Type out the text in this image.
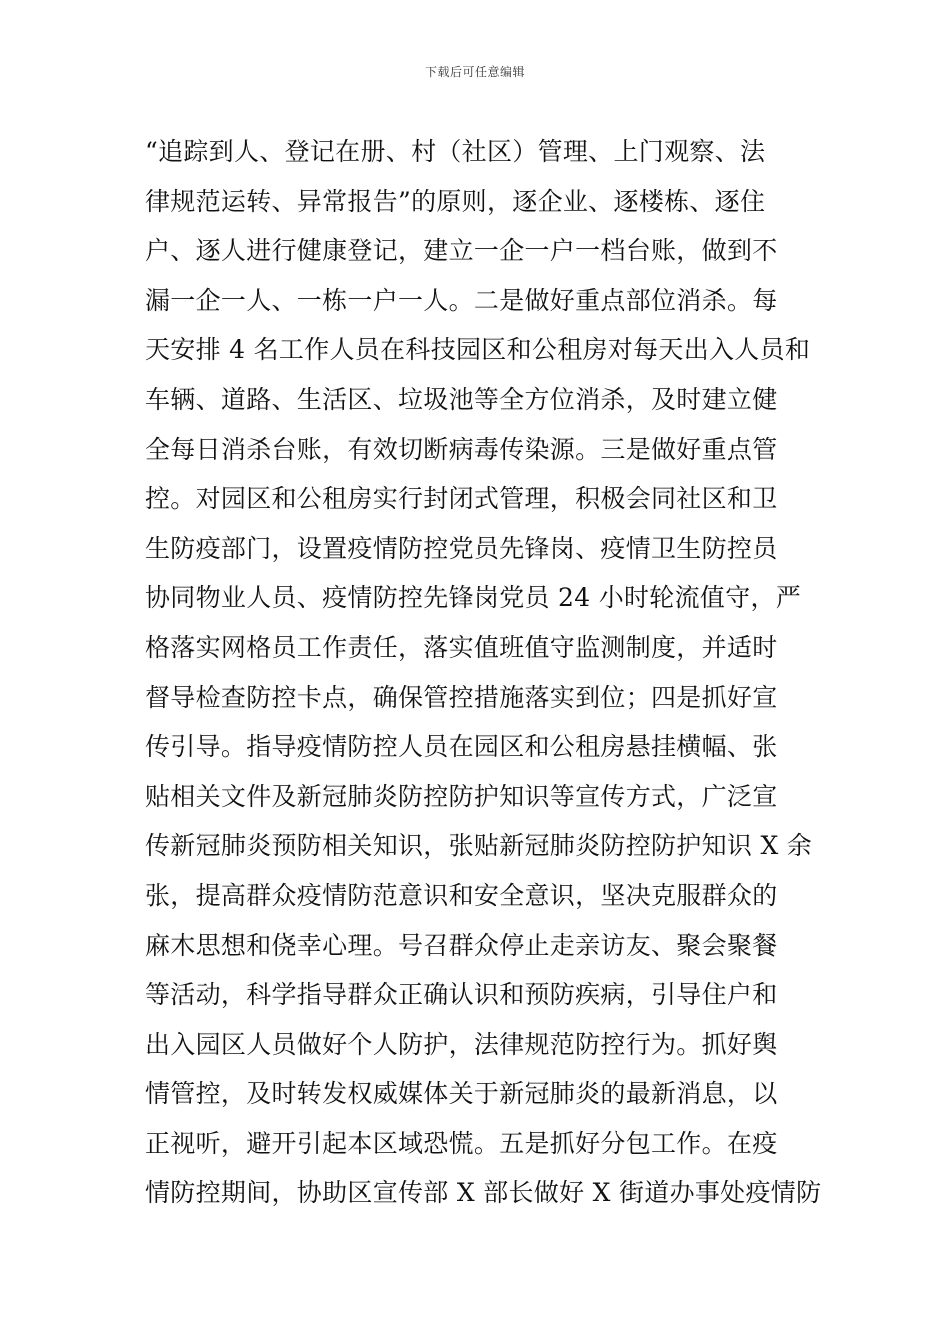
下载后可任意编辑
“追踪到人、登记在册、村（社区）管理、上门观察、法
律规范运转、异常报告”的原则，逐企业、逐楼栋、逐住
户、逐人进行健康登记，建立一企一户一档台账，做到不
漏一企一人、一栋一户一人。二是做好重点部位消杀。每
天安排 4 名工作人员在科技园区和公租房对每天出入人员和
车辆、道路、生活区、垃圾池等全方位消杀，及时建立健
全每日消杀台账，有效切断病毒传染源。三是做好重点管
控。对园区和公租房实行封闭式管理，积极会同社区和卫
生防疫部门，设置疫情防控党员先锋岗、疫情卫生防控员
协同物业人员、疫情防控先锋岗党员 24 小时轮流值守，严
格落实网格员工作责任，落实值班值守监测制度，并适时
督导检查防控卡点，确保管控措施落实到位；四是抓好宣
传引导。指导疫情防控人员在园区和公租房悬挂横幅、张
贴相关文件及新冠肺炎防控防护知识等宣传方式，广泛宣
传新冠肺炎预防相关知识，张贴新冠肺炎防控防护知识 X 余
张，提高群众疫情防范意识和安全意识，坚决克服群众的
麻木思想和侥幸心理。号召群众停止走亲访友、聚会聚餐
等活动，科学指导群众正确认识和预防疾病，引导住户和
出入园区人员做好个人防护，法律规范防控行为。抓好舆
情管控，及时转发权威媒体关于新冠肺炎的最新消息，以
正视听，避开引起本区域恐慌。五是抓好分包工作。在疫
情防控期间，协助区宣传部 X 部长做好 X 街道办事处疫情防
